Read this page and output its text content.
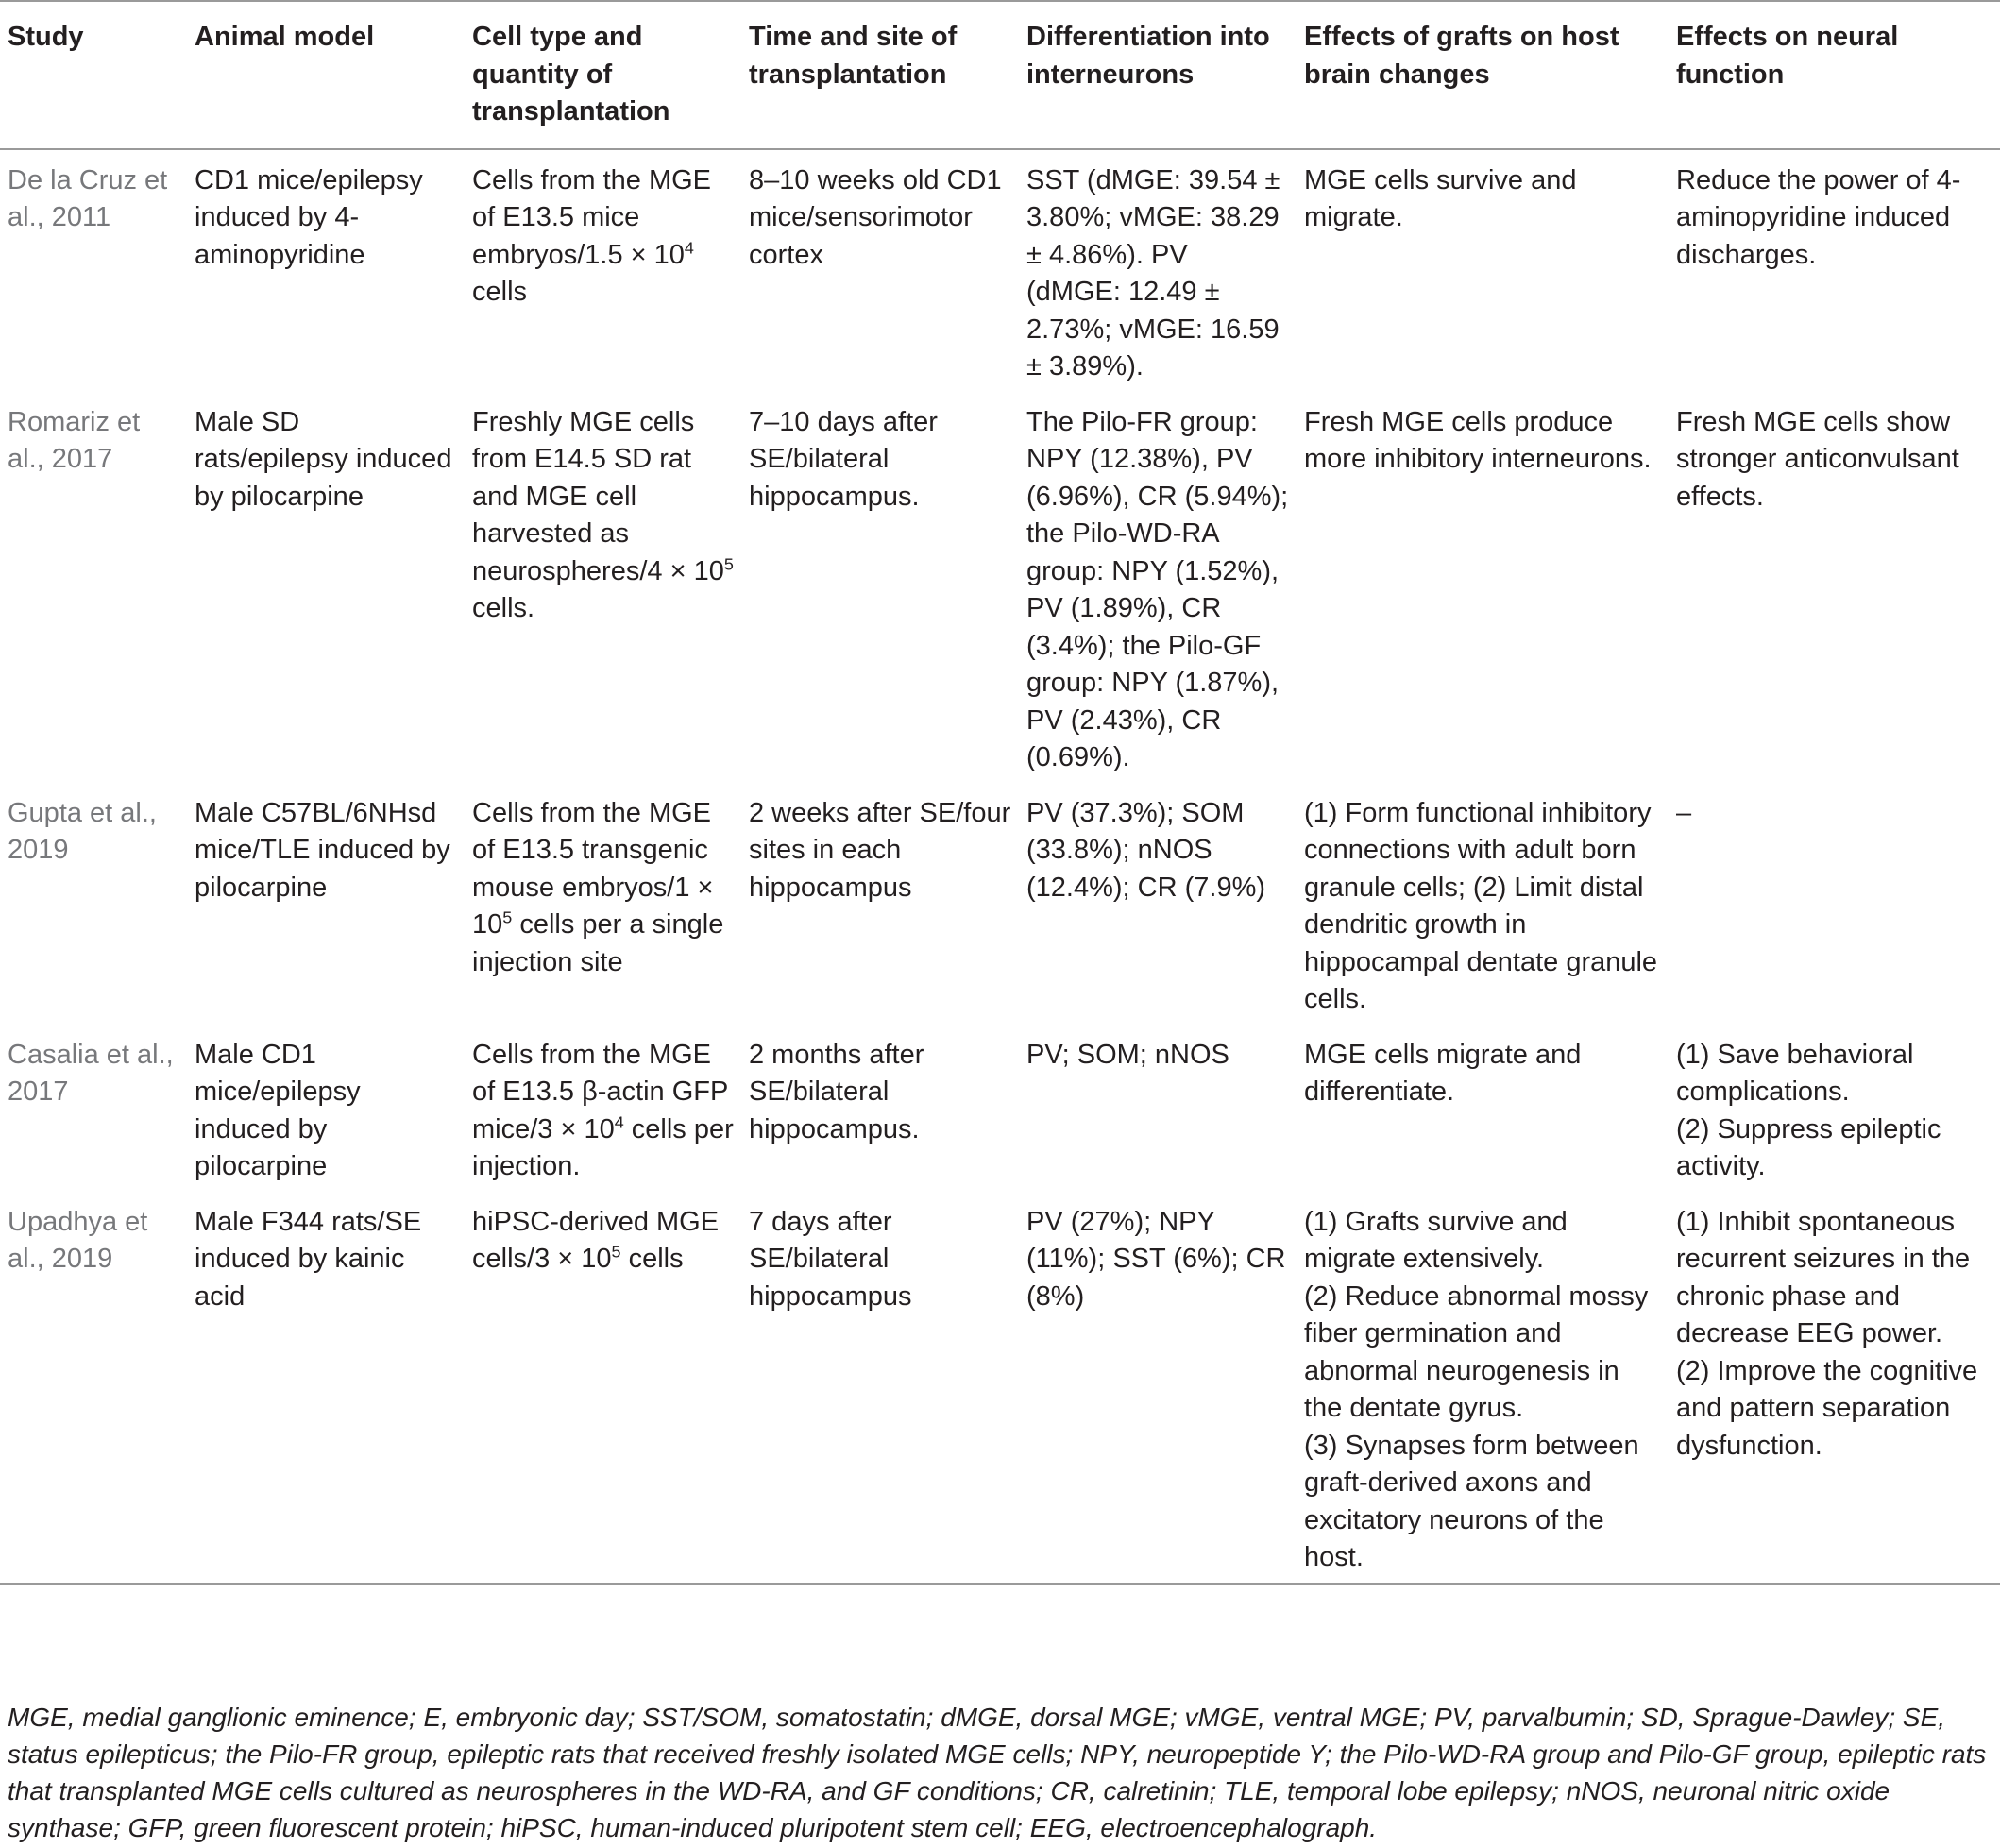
Study	Animal model	Cell type and quantity of transplantation	Time and site of transplantation	Differentiation into interneurons	Effects of grafts on host brain changes	Effects on neural function
De la Cruz et al., 2011	CD1 mice/epilepsy induced by 4-aminopyridine	Cells from the MGE of E13.5 mice embryos/1.5 × $10^4$ cells	8–10 weeks old CD1 mice/sensorimotor cortex	SST (dMGE: 39.54 ± 3.80%; vMGE: 38.29 ± 4.86%). PV (dMGE: 12.49 ± 2.73%; vMGE: 16.59 ± 3.89%).	MGE cells survive and migrate.	Reduce the power of 4-aminopyridine induced discharges.
Romariz et al., 2017	Male SD rats/epilepsy induced by pilocarpine	Freshly MGE cells from E14.5 SD rat and MGE cell harvested as neurospheres/4 × $10^5$ cells.	7–10 days after SE/bilateral hippocampus.	The Pilo-FR group: NPY (12.38%), PV (6.96%), CR (5.94%); the Pilo-WD-RA group: NPY (1.52%), PV (1.89%), CR (3.4%); the Pilo-GF group: NPY (1.87%), PV (2.43%), CR (0.69%).	Fresh MGE cells produce more inhibitory interneurons.	Fresh MGE cells show stronger anticonvulsant effects.
Gupta et al., 2019	Male C57BL/6NHsd mice/TLE induced by pilocarpine	Cells from the MGE of E13.5 transgenic mouse embryos/1 × $10^5$ cells per a single injection site	2 weeks after SE/four sites in each hippocampus	PV (37.3%); SOM (33.8%); nNOS (12.4%); CR (7.9%)	(1) Form functional inhibitory connections with adult born granule cells; (2) Limit distal dendritic growth in hippocampal dentate granule cells.	–
Casalia et al., 2017	Male CD1 mice/epilepsy induced by pilocarpine	Cells from the MGE of E13.5 β-actin GFP mice/3 × $10^4$ cells per injection.	2 months after SE/bilateral hippocampus.	PV; SOM; nNOS	MGE cells migrate and differentiate.	(1) Save behavioral complications.
(2) Suppress epileptic activity.
Upadhya et al., 2019	Male F344 rats/SE induced by kainic acid	hiPSC-derived MGE cells/3 × $10^5$ cells	7 days after SE/bilateral hippocampus	PV (27%); NPY (11%); SST (6%); CR (8%)	(1) Grafts survive and migrate extensively.
(2) Reduce abnormal mossy fiber germination and abnormal neurogenesis in the dentate gyrus.
(3) Synapses form between graft-derived axons and excitatory neurons of the host.	(1) Inhibit spontaneous recurrent seizures in the chronic phase and decrease EEG power.
(2) Improve the cognitive and pattern separation dysfunction.
MGE, medial ganglionic eminence; E, embryonic day; SST/SOM, somatostatin; dMGE, dorsal MGE; vMGE, ventral MGE; PV, parvalbumin; SD, Sprague-Dawley; SE, status epilepticus; the Pilo-FR group, epileptic rats that received freshly isolated MGE cells; NPY, neuropeptide Y; the Pilo-WD-RA group and Pilo-GF group, epileptic rats that transplanted MGE cells cultured as neurospheres in the WD-RA, and GF conditions; CR, calretinin; TLE, temporal lobe epilepsy; nNOS, neuronal nitric oxide synthase; GFP, green fluorescent protein; hiPSC, human-induced pluripotent stem cell; EEG, electroencephalograph.
